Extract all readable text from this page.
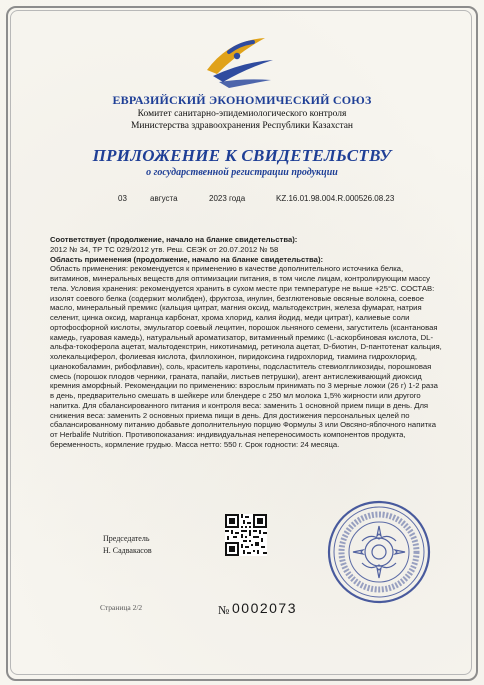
ЕВРАЗИЙСКИЙ ЭКОНОМИЧЕСКИЙ СОЮЗ
Комитет санитарно-эпидемиологического контроля
Министерства здравоохранения Республики Казахстан
ПРИЛОЖЕНИЕ К СВИДЕТЕЛЬСТВУ
о государственной регистрации продукции
03	августа	2023 года	KZ.16.01.98.004.R.000526.08.23
Соответствует (продолжение, начало на бланке свидетельства):
2012 № 34, ТР ТС 029/2012 утв. Реш. СЕЭК от 20.07.2012 № 58
Область применения (продолжение, начало на бланке свидетельства):
Область применения: рекомендуется к применению в качестве дополнительного источника белка, витаминов, минеральных веществ для оптимизации питания, в том числе лицам, контролирующим массу тела. Условия хранения: рекомендуется хранить в сухом месте при температуре не выше +25°С. СОСТАВ: изолят соевого белка (содержит молибден), фруктоза, инулин, безглютеновые овсяные волокна, соевое масло, минеральный премикс (кальция цитрат, магния оксид, мальтодекстрин, железа фумарат, натрия селенит, цинка оксид, марганца карбонат, хрома хлорид, калия йодид, меди цитрат), калиевые соли ортофосфорной кислоты, эмульгатор соевый лецитин, порошок льняного семени, загуститель (ксантановая камедь, гуаровая камедь), натуральный ароматизатор, витаминный премикс (L-аскорбиновая кислота, DL-альфа-токоферола ацетат, мальтодекстрин, никотинамид, ретинола ацетат, D-биотин, D-пантотенат кальция, холекальциферол, фолиевая кислота, филлохинон, пиридоксина гидрохлорид, тиамина гидрохлорид, цианокобаламин, рибофлавин), соль, краситель каротины, подсластитель стевиолгликозиды, порошковая смесь (порошок плодов черники, граната, папайи, листьев петрушки), агент антислеживающий диоксид кремния аморфный. Рекомендации по применению: взрослым принимать по 3 мерные ложки (26 г) 1-2 раза в день, предварительно смешать в шейкере или блендере с 250 мл молока 1,5% жирности или другого напитка. Для сбалансированного питания и контроля веса: заменить 1 основной прием пищи в день. Для снижения веса: заменить 2 основных приема пищи в день. Для достижения персональных целей по сбалансированному питанию добавьте дополнительную порцию Формулы 3 или Овсяно-яблочного напитка от Herbalife Nutrition. Противопоказания: индивидуальная непереносимость компонентов продукта, беременность, кормление грудью. Масса нетто: 550 г. Срок годности: 24 месяца.
Председатель
Н. Садвакасов
Страница 2/2	№ 0002073
